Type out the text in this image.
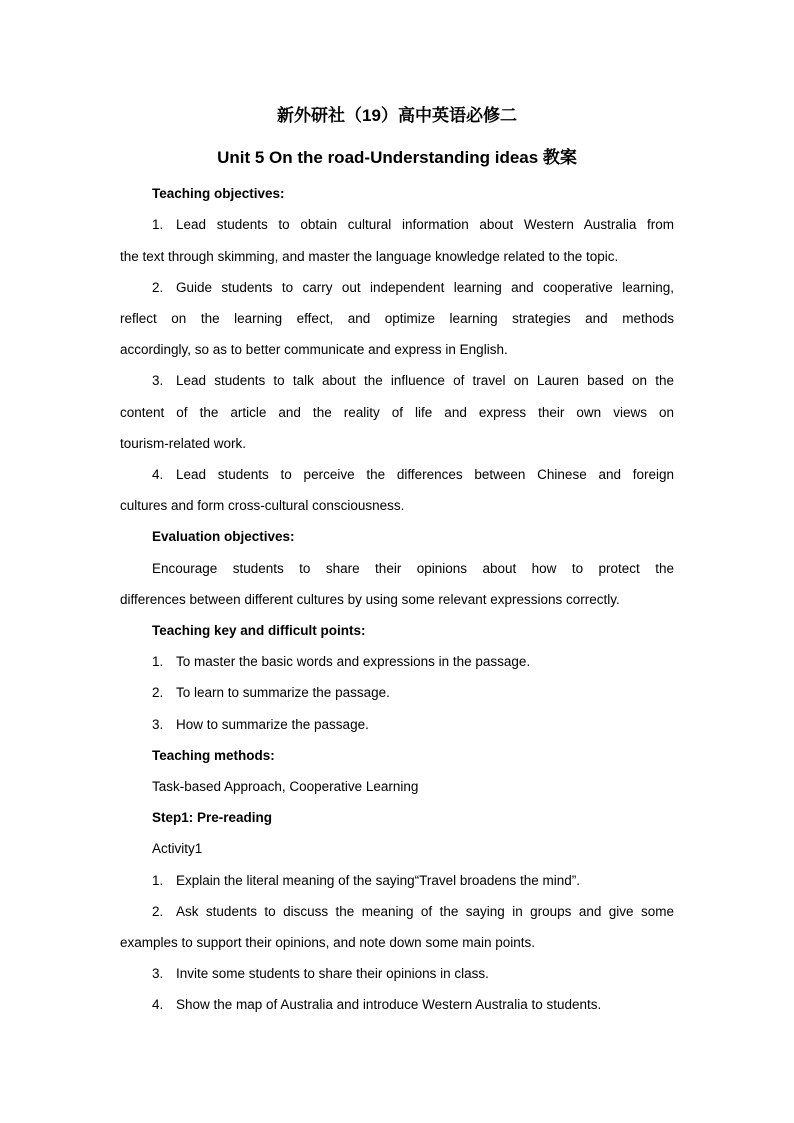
新外研社（19）高中英语必修二
Unit 5 On the road-Understanding ideas 教案
Teaching objectives:
1. Lead students to obtain cultural information about Western Australia from
the text through skimming, and master the language knowledge related to the topic.
2. Guide students to carry out independent learning and cooperative learning,
reflect on the learning effect, and optimize learning strategies and methods
accordingly, so as to better communicate and express in English.
3. Lead students to talk about the influence of travel on Lauren based on the
content of the article and the reality of life and express their own views on
tourism-related work.
4. Lead students to perceive the differences between Chinese and foreign
cultures and form cross-cultural consciousness.
Evaluation objectives:
Encourage students to share their opinions about how to protect the
differences between different cultures by using some relevant expressions correctly.
Teaching key and difficult points:
1. To master the basic words and expressions in the passage.
2. To learn to summarize the passage.
3. How to summarize the passage.
Teaching methods:
Task-based Approach, Cooperative Learning
Step1: Pre-reading
Activity1
1. Explain the literal meaning of the saying“Travel broadens the mind”.
2. Ask students to discuss the meaning of the saying in groups and give some
examples to support their opinions, and note down some main points.
3. Invite some students to share their opinions in class.
4. Show the map of Australia and introduce Western Australia to students.
